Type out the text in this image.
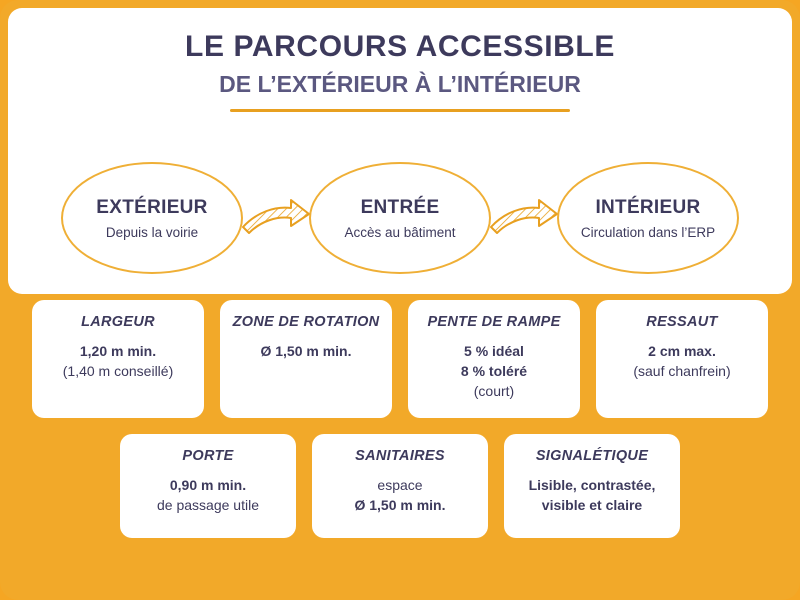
LE PARCOURS ACCESSIBLE
DE L’EXTÉRIEUR À L’INTÉRIEUR
EXTÉRIEUR
Depuis la voirie
ENTRÉE
Accès au bâtiment
INTÉRIEUR
Circulation dans l’ERP
LARGEUR
1,20 m min.
(1,40 m conseillé)
ZONE DE ROTATION
Ø 1,50 m min.
PENTE DE RAMPE
5 % idéal
8 % toléré
(court)
RESSAUT
2 cm max.
(sauf chanfrein)
PORTE
0,90 m min.
de passage utile
SANITAIRES
espace
Ø 1,50 m min.
SIGNALÉTIQUE
Lisible, contrastée,
visible et claire
